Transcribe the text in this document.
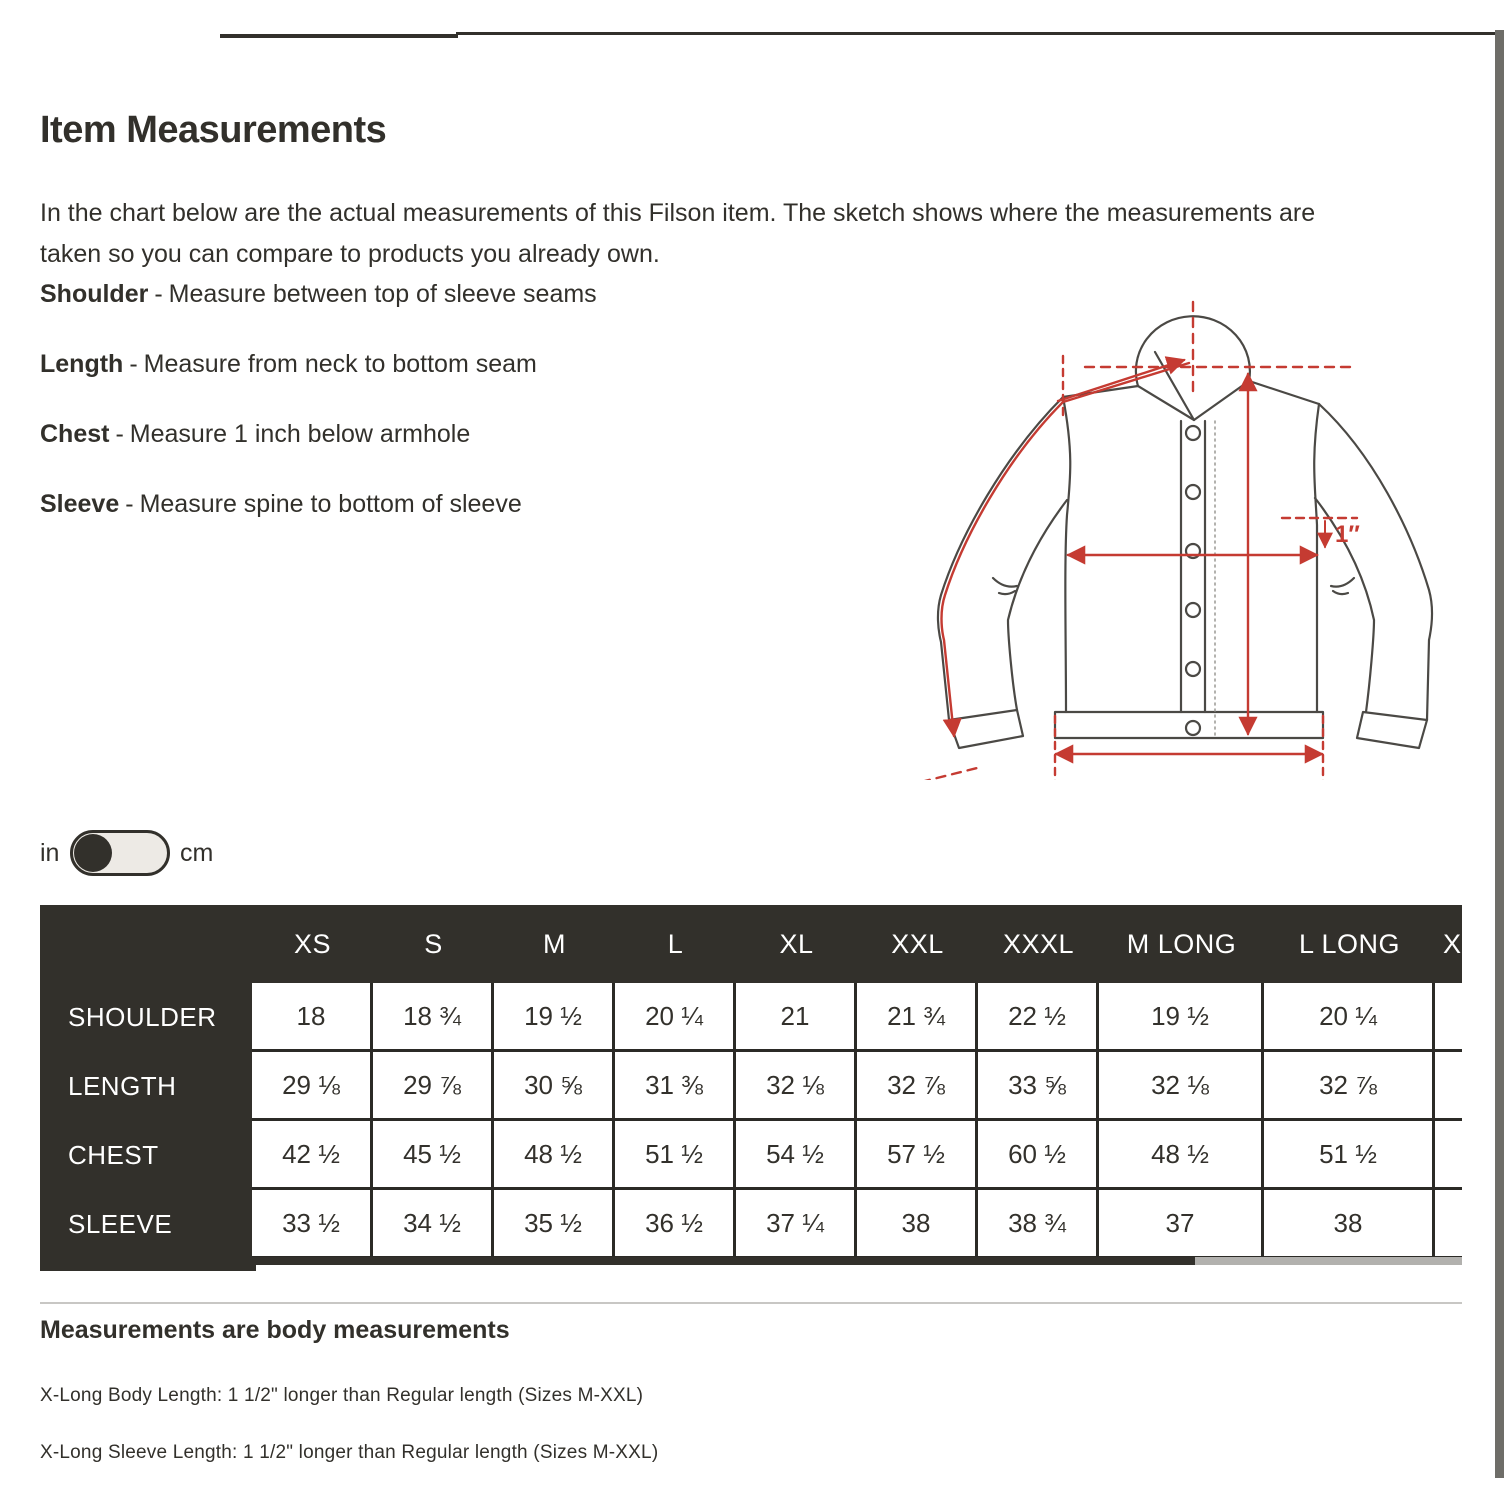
Item Measurements

In the chart below are the actual measurements of this Filson item. The sketch shows where the measurements are taken so you can compare to products you already own.

Shoulder - Measure between top of sleeve seams
Length - Measure from neck to bottom seam
Chest - Measure 1 inch below armhole
Sleeve - Measure spine to bottom of sleeve
1″
in	cm
XS	S	M	L	XL	XXL	XXXL	M LONG	L LONG	X
SHOULDER	18	18 ¾	19 ½	20 ¼	21	21 ¾	22 ½	19 ½	20 ¼
LENGTH	29 ⅛	29 ⅞	30 ⅝	31 ⅜	32 ⅛	32 ⅞	33 ⅝	32 ⅛	32 ⅞
CHEST	42 ½	45 ½	48 ½	51 ½	54 ½	57 ½	60 ½	48 ½	51 ½
SLEEVE	33 ½	34 ½	35 ½	36 ½	37 ¼	38	38 ¾	37	38
Measurements are body measurements
X-Long Body Length: 1 1/2" longer than Regular length (Sizes M-XXL)
X-Long Sleeve Length: 1 1/2" longer than Regular length (Sizes M-XXL)
